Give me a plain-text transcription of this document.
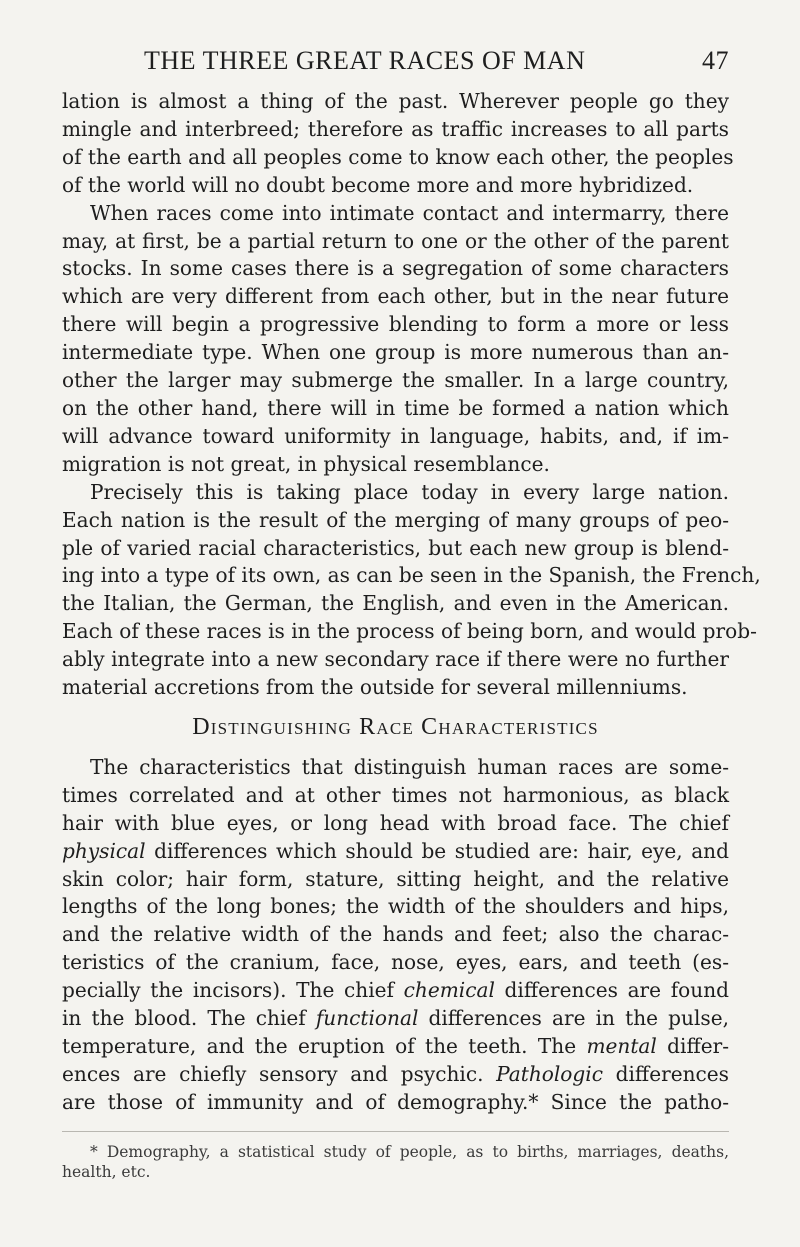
THE THREE GREAT RACES OF MAN	47

lation is almost a thing of the past. Wherever people go they
mingle and interbreed; therefore as traffic increases to all parts
of the earth and all peoples come to know each other, the peoples
of the world will no doubt become more and more hybridized.

When races come into intimate contact and intermarry, there
may, at first, be a partial return to one or the other of the parent
stocks. In some cases there is a segregation of some characters
which are very different from each other, but in the near future
there will begin a progressive blending to form a more or less
intermediate type. When one group is more numerous than an-
other the larger may submerge the smaller. In a large country,
on the other hand, there will in time be formed a nation which
will advance toward uniformity in language, habits, and, if im-
migration is not great, in physical resemblance.

Precisely this is taking place today in every large nation.
Each nation is the result of the merging of many groups of peo-
ple of varied racial characteristics, but each new group is blend-
ing into a type of its own, as can be seen in the Spanish, the French,
the Italian, the German, the English, and even in the American.
Each of these races is in the process of being born, and would prob-
ably integrate into a new secondary race if there were no further
material accretions from the outside for several millenniums.

Distinguishing Race Characteristics

The characteristics that distinguish human races are some-
times correlated and at other times not harmonious, as black
hair with blue eyes, or long head with broad face. The chief
physical differences which should be studied are: hair, eye, and
skin color; hair form, stature, sitting height, and the relative
lengths of the long bones; the width of the shoulders and hips,
and the relative width of the hands and feet; also the charac-
teristics of the cranium, face, nose, eyes, ears, and teeth (es-
pecially the incisors). The chief chemical differences are found
in the blood. The chief functional differences are in the pulse,
temperature, and the eruption of the teeth. The mental differ-
ences are chiefly sensory and psychic. Pathologic differences
are those of immunity and of demography.* Since the patho-

* Demography, a statistical study of people, as to births, marriages, deaths,
health, etc.
